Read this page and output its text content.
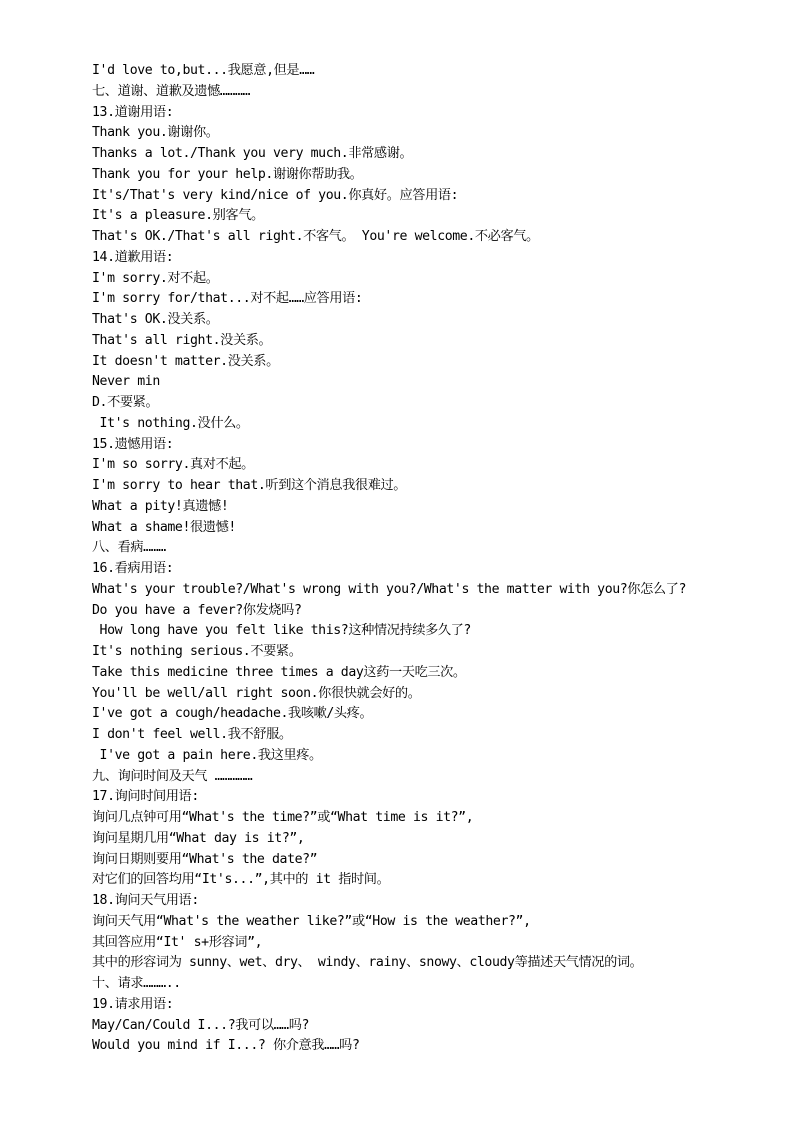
I'd love to,but...我愿意,但是……
七、道谢、道歉及遗憾…………
13.道谢用语:
Thank you.谢谢你。
Thanks a lot./Thank you very much.非常感谢。
Thank you for your help.谢谢你帮助我。
It's/That's very kind/nice of you.你真好。应答用语:
It's a pleasure.别客气。
That's OK./That's all right.不客气。 You're welcome.不必客气。
14.道歉用语:
I'm sorry.对不起。
I'm sorry for/that...对不起……应答用语:
That's OK.没关系。
That's all right.没关系。
It doesn't matter.没关系。
Never min
D.不要紧。
It's nothing.没什么。
15.遗憾用语:
I'm so sorry.真对不起。
I'm sorry to hear that.听到这个消息我很难过。
What a pity!真遗憾!
What a shame!很遗憾!
八、看病………
16.看病用语:
What's your trouble?/What's wrong with you?/What's the matter with you?你怎么了?
Do you have a fever?你发烧吗?
How long have you felt like this?这种情况持续多久了?
It's nothing serious.不要紧。
Take this medicine three times a day这药一天吃三次。
You'll be well/all right soon.你很快就会好的。
I've got a cough/headache.我咳嗽/头疼。
I don't feel well.我不舒服。
I've got a pain here.我这里疼。
九、询问时间及天气 ……………
17.询问时间用语:
询问几点钟可用“What's the time?”或“What time is it?”,
询问星期几用“What day is it?”,
询问日期则要用“What's the date?”
对它们的回答均用“It's...”,其中的 it 指时间。
18.询问天气用语:
询问天气用“What's the weather like?”或“How is the weather?”,
其回答应用“It' s+形容词”,
其中的形容词为 sunny、wet、dry、 windy、rainy、snowy、cloudy等描述天气情况的词。
十、请求………..
19.请求用语:
May/Can/Could I...?我可以……吗?
Would you mind if I...? 你介意我……吗?
